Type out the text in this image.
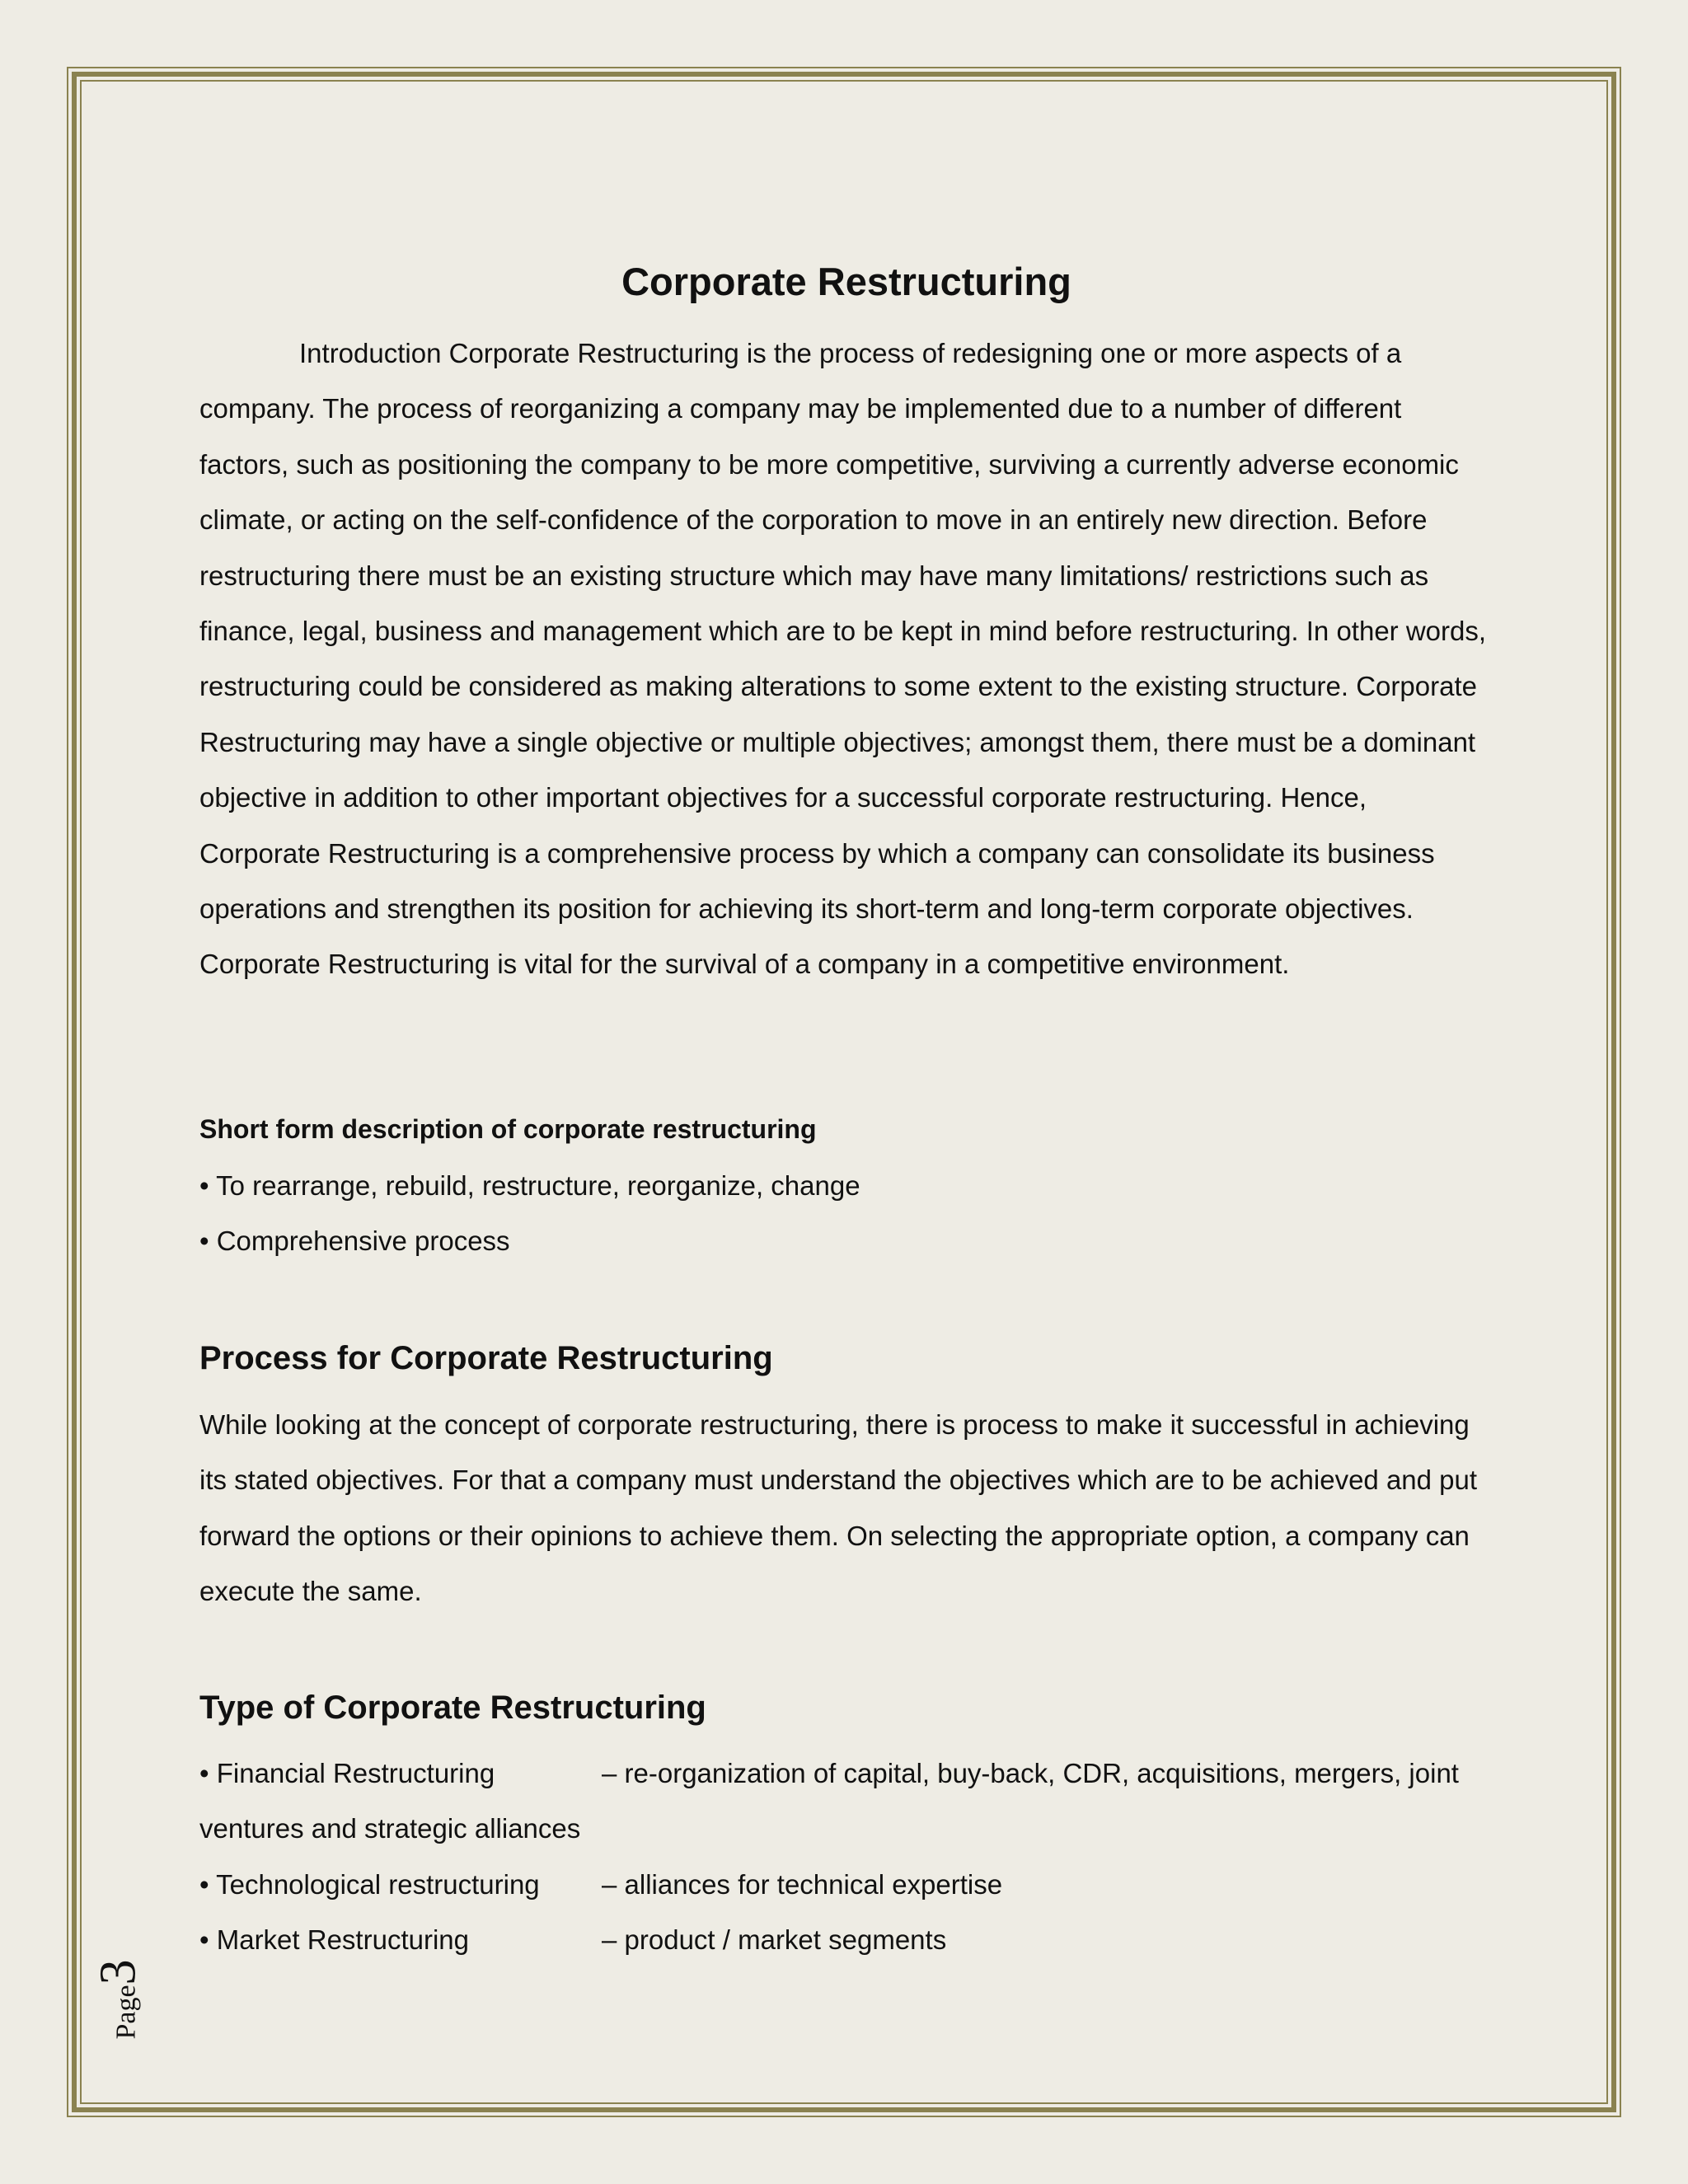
Corporate Restructuring

Introduction Corporate Restructuring is the process of redesigning one or more aspects of a company. The process of reorganizing a company may be implemented due to a number of different factors, such as positioning the company to be more competitive, surviving a currently adverse economic climate, or acting on the self-confidence of the corporation to move in an entirely new direction. Before restructuring there must be an existing structure which may have many limitations/ restrictions such as finance, legal, business and management which are to be kept in mind before restructuring. In other words, restructuring could be considered as making alterations to some extent to the existing structure. Corporate Restructuring may have a single objective or multiple objectives; amongst them, there must be a dominant objective in addition to other important objectives for a successful corporate restructuring. Hence, Corporate Restructuring is a comprehensive process by which a company can consolidate its business operations and strengthen its position for achieving its short-term and long-term corporate objectives. Corporate Restructuring is vital for the survival of a company in a competitive environment.

Short form description of corporate restructuring

• To rearrange, rebuild, restructure, reorganize, change
• Comprehensive process
Process for Corporate Restructuring

While looking at the concept of corporate restructuring, there is process to make it successful in achieving its stated objectives. For that a company must understand the objectives which are to be achieved and put forward the options or their opinions to achieve them. On selecting the appropriate option, a company can execute the same.

Type of Corporate Restructuring
• Financial Restructuring	– re-organization of capital, buy-back, CDR, acquisitions, mergers, joint
ventures and strategic alliances
• Technological restructuring – alliances for technical expertise
• Market Restructuring	– product / market segments
Page3
